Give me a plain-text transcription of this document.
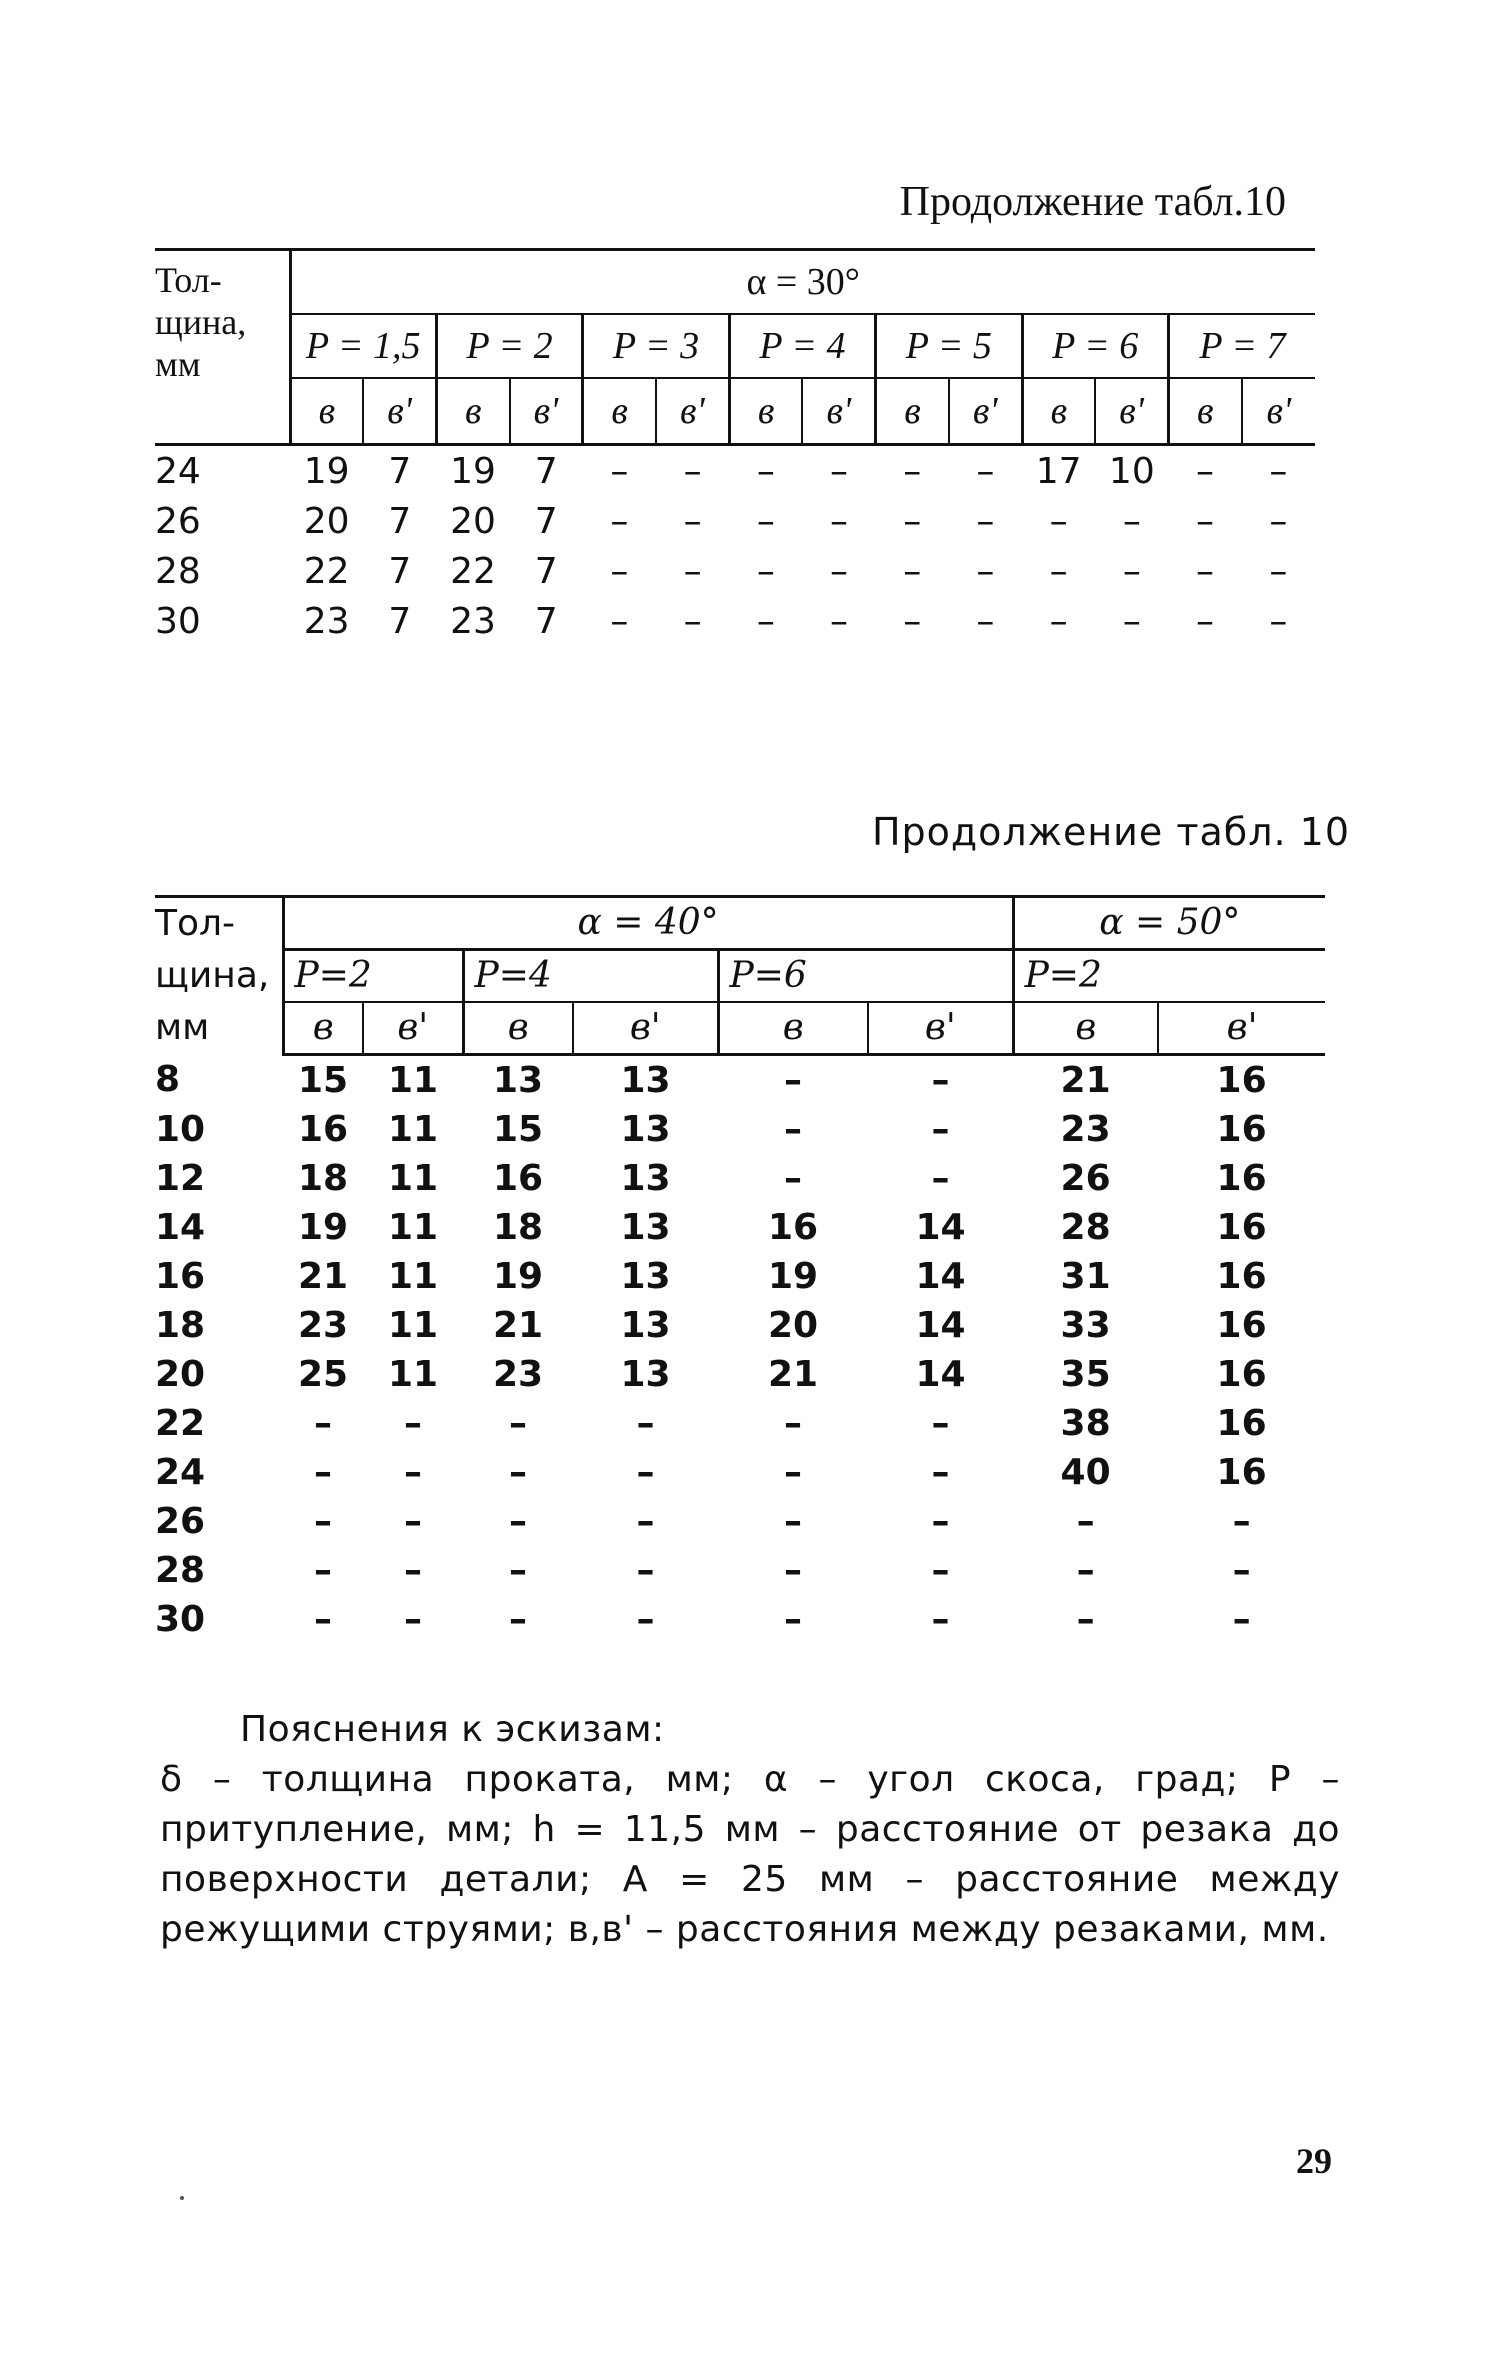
Продолжение табл.10
Тол-
щина,
мм	α = 30°													
	P = 1,5		P = 2		P = 3		P = 4		P = 5		P = 6		P = 7	
	в	в'	в	в'	в	в'	в	в'	в	в'	в	в'	в	в'
24	19	7	19	7	–	–	–	–	–	–	17	10	–	–
26	20	7	20	7	–	–	–	–	–	–	–	–	–	–
28	22	7	22	7	–	–	–	–	–	–	–	–	–	–
30	23	7	23	7	–	–	–	–	–	–	–	–	–	–
Продолжение табл. 10
Тол-
щина,
мм	α = 40°						α = 50°	
	P=2		P=4		P=6		P=2	
	в	в'	в	в'	в	в'	в	в'
8	15	11	13	13	–	–	21	16
10	16	11	15	13	–	–	23	16
12	18	11	16	13	–	–	26	16
14	19	11	18	13	16	14	28	16
16	21	11	19	13	19	14	31	16
18	23	11	21	13	20	14	33	16
20	25	11	23	13	21	14	35	16
22	–	–	–	–	–	–	38	16
24	–	–	–	–	–	–	40	16
26	–	–	–	–	–	–	–	–
28	–	–	–	–	–	–	–	–
30	–	–	–	–	–	–	–	–

Пояснения к эскизам:

δ – толщина проката, мм; α – угол скоса, град; P – притупление, мм; h = 11,5 мм – расстояние от резака до поверхности детали; А = 25 мм – расстояние между режущими струями; в,в' – расстояния между резаками, мм.

29
